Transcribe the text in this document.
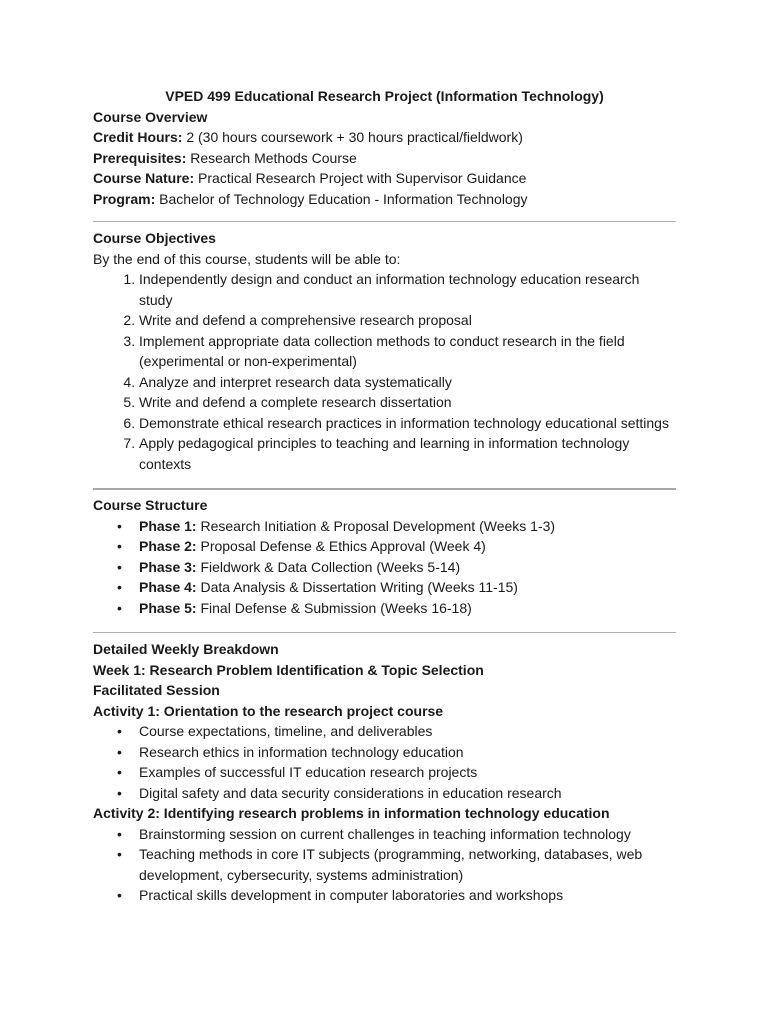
VPED 499 Educational Research Project (Information Technology)

Course Overview

Credit Hours: 2 (30 hours coursework + 30 hours practical/fieldwork)

Prerequisites: Research Methods Course

Course Nature: Practical Research Project with Supervisor Guidance

Program: Bachelor of Technology Education - Information Technology

Course Objectives

By the end of this course, students will be able to:

1. Independently design and conduct an information technology education research study
2. Write and defend a comprehensive research proposal
3. Implement appropriate data collection methods to conduct research in the field (experimental or non-experimental)
4. Analyze and interpret research data systematically
5. Write and defend a complete research dissertation
6. Demonstrate ethical research practices in information technology educational settings
7. Apply pedagogical principles to teaching and learning in information technology contexts

Course Structure

• Phase 1: Research Initiation & Proposal Development (Weeks 1-3)
• Phase 2: Proposal Defense & Ethics Approval (Week 4)
• Phase 3: Fieldwork & Data Collection (Weeks 5-14)
• Phase 4: Data Analysis & Dissertation Writing (Weeks 11-15)
• Phase 5: Final Defense & Submission (Weeks 16-18)

Detailed Weekly Breakdown

Week 1: Research Problem Identification & Topic Selection

Facilitated Session

Activity 1: Orientation to the research project course

• Course expectations, timeline, and deliverables
• Research ethics in information technology education
• Examples of successful IT education research projects
• Digital safety and data security considerations in education research

Activity 2: Identifying research problems in information technology education

• Brainstorming session on current challenges in teaching information technology
• Teaching methods in core IT subjects (programming, networking, databases, web development, cybersecurity, systems administration)
• Practical skills development in computer laboratories and workshops
